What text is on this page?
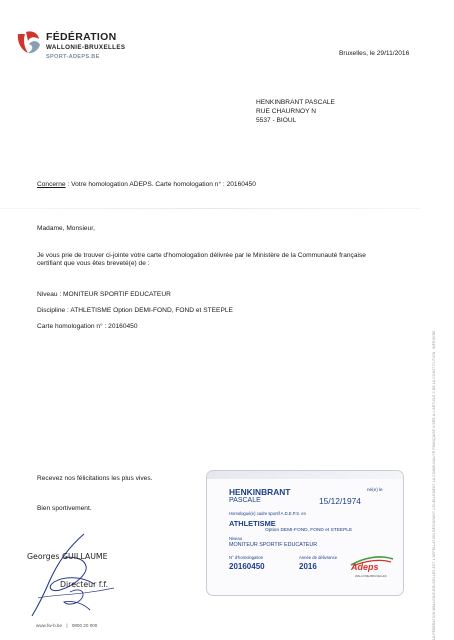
FÉDÉRATION
WALLONIE-BRUXELLES
SPORT-ADEPS.BE	Bruxelles, le 29/11/2016
HENKINBRANT PASCALE
RUE CHAURNOY N
5537 - BIOUL
Concerne : Votre homologation ADEPS. Carte homologation n° : 20160450
Madame, Monsieur,
Je vous prie de trouver ci-jointe votre carte d'homologation délivrée par le Ministère de la Communauté française
certifiant que vous êtes breveté(e) de :
Niveau : MONITEUR SPORTIF EDUCATEUR
Discipline : ATHLETISME Option DEMI-FOND, FOND et STEEPLE
Carte homologation n° : 20160450
Recevez nos félicitations les plus vives.
Bien sportivement.
Georges GUILLAUME
Directeur f.f.
www.fw-b.be | 0800 20 000	LA FÉDÉRATION WALLONIE-BRUXELLES EST L'APPELLATION DÉSIGNANT USUELLEMENT LA COMMUNAUTÉ FRANÇAISE VISÉE À L'ARTICLE 2 DE LA CONSTITUTION. IMPRIM'DE
HENKINBRANT
PASCALE
né(e) le
15/12/1974
Homologué(e) cadre sportif A.D.E.P.S. en
ATHLETISME
Option DEMI-FOND, FOND et STEEPLE
Niveau
MONITEUR SPORTIF EDUCATEUR
N° d'homologation
20160450
Année de délivrance
2016	Adeps
WALLONIE-BRUXELLES
